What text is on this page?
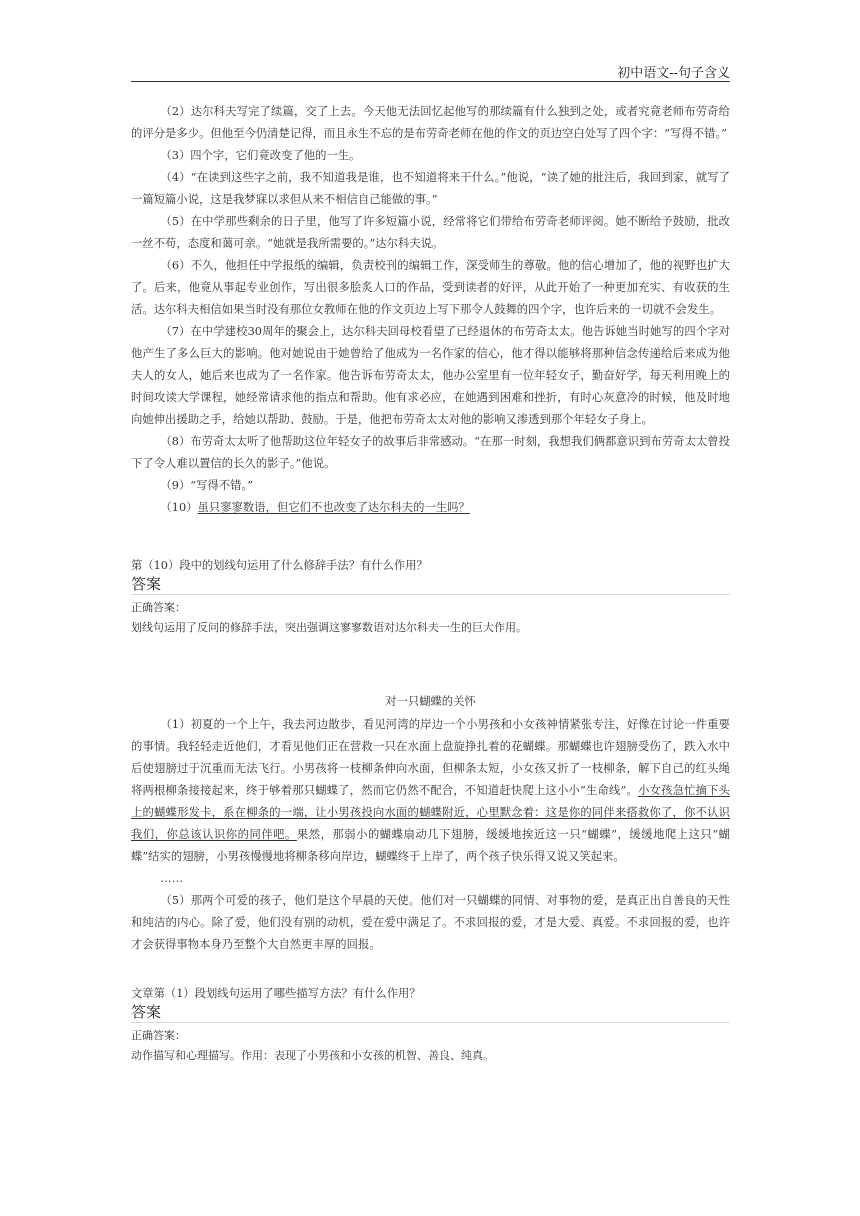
初中语文--句子含义

（2）达尔科夫写完了续篇，交了上去。今天他无法回忆起他写的那续篇有什么独到之处，或者究竟老师布劳奇给的评分是多少。但他至今仍清楚记得，而且永生不忘的是布劳奇老师在他的作文的页边空白处写了四个字：“写得不错。”

（3）四个字，它们竟改变了他的一生。

（4）“在读到这些字之前，我不知道我是谁，也不知道将来干什么。”他说，“读了她的批注后，我回到家，就写了一篇短篇小说，这是我梦寐以求但从来不相信自己能做的事。”

（5）在中学那些剩余的日子里，他写了许多短篇小说，经常将它们带给布劳奇老师评阅。她不断给予鼓励，批改一丝不苟，态度和蔼可亲。“她就是我所需要的。”达尔科夫说。

（6）不久，他担任中学报纸的编辑，负责校刊的编辑工作，深受师生的尊敬。他的信心增加了，他的视野也扩大了。后来，他竟从事起专业创作，写出很多脍炙人口的作品，受到读者的好评，从此开始了一种更加充实、有收获的生活。达尔科夫相信如果当时没有那位女教师在他的作文页边上写下那令人鼓舞的四个字，也许后来的一切就不会发生。

（7）在中学建校30周年的聚会上，达尔科夫回母校看望了已经退休的布劳奇太太。他告诉她当时她写的四个字对他产生了多么巨大的影响。他对她说由于她曾给了他成为一名作家的信心，他才得以能够将那种信念传递给后来成为他夫人的女人，她后来也成为了一名作家。他告诉布劳奇太太，他办公室里有一位年轻女子，勤奋好学，每天利用晚上的时间攻读大学课程，她经常请求他的指点和帮助。他有求必应，在她遇到困难和挫折，有时心灰意冷的时候，他及时地向她伸出援助之手，给她以帮助、鼓励。于是，他把布劳奇太太对他的影响又渗透到那个年轻女子身上。

（8）布劳奇太太听了他帮助这位年轻女子的故事后非常感动。“在那一时刻，我想我们俩都意识到布劳奇太太曾投下了令人难以置信的长久的影子。”他说。

（9）“写得不错。”

（10）虽只寥寥数语，但它们不也改变了达尔科夫的一生吗？

第（10）段中的划线句运用了什么修辞手法？有什么作用？

答案

正确答案：

划线句运用了反问的修辞手法，突出强调这寥寥数语对达尔科夫一生的巨大作用。

对一只蝴蝶的关怀

（1）初夏的一个上午，我去河边散步，看见河湾的岸边一个小男孩和小女孩神情紧张专注，好像在讨论一件重要的事情。我轻轻走近他们，才看见他们正在营救一只在水面上盘旋挣扎着的花蝴蝶。那蝴蝶也许翅膀受伤了，跌入水中后使翅膀过于沉重而无法飞行。小男孩将一枝柳条伸向水面，但柳条太短，小女孩又折了一枝柳条，解下自己的红头绳将两根柳条接接起来，终于够着那只蝴蝶了，然而它仍然不配合，不知道赶快爬上这小小“生命线”。小女孩急忙摘下头上的蝴蝶形发卡，系在柳条的一端，让小男孩投向水面的蝴蝶附近，心里默念着：这是你的同伴来搭救你了，你不认识我们，你总该认识你的同伴吧。果然，那弱小的蝴蝶扇动几下翅膀，缓缓地挨近这一只“蝴蝶”，缓缓地爬上这只“蝴蝶”结实的翅膀，小男孩慢慢地将柳条移向岸边，蝴蝶终于上岸了，两个孩子快乐得又说又笑起来。

……

（5）那两个可爱的孩子，他们是这个早晨的天使。他们对一只蝴蝶的同情、对事物的爱，是真正出自善良的天性和纯洁的内心。除了爱，他们没有别的动机，爱在爱中满足了。不求回报的爱，才是大爱、真爱。不求回报的爱，也许才会获得事物本身乃至整个大自然更丰厚的回报。

文章第（1）段划线句运用了哪些描写方法？有什么作用？

答案

正确答案：

动作描写和心理描写。作用：表现了小男孩和小女孩的机智、善良、纯真。
